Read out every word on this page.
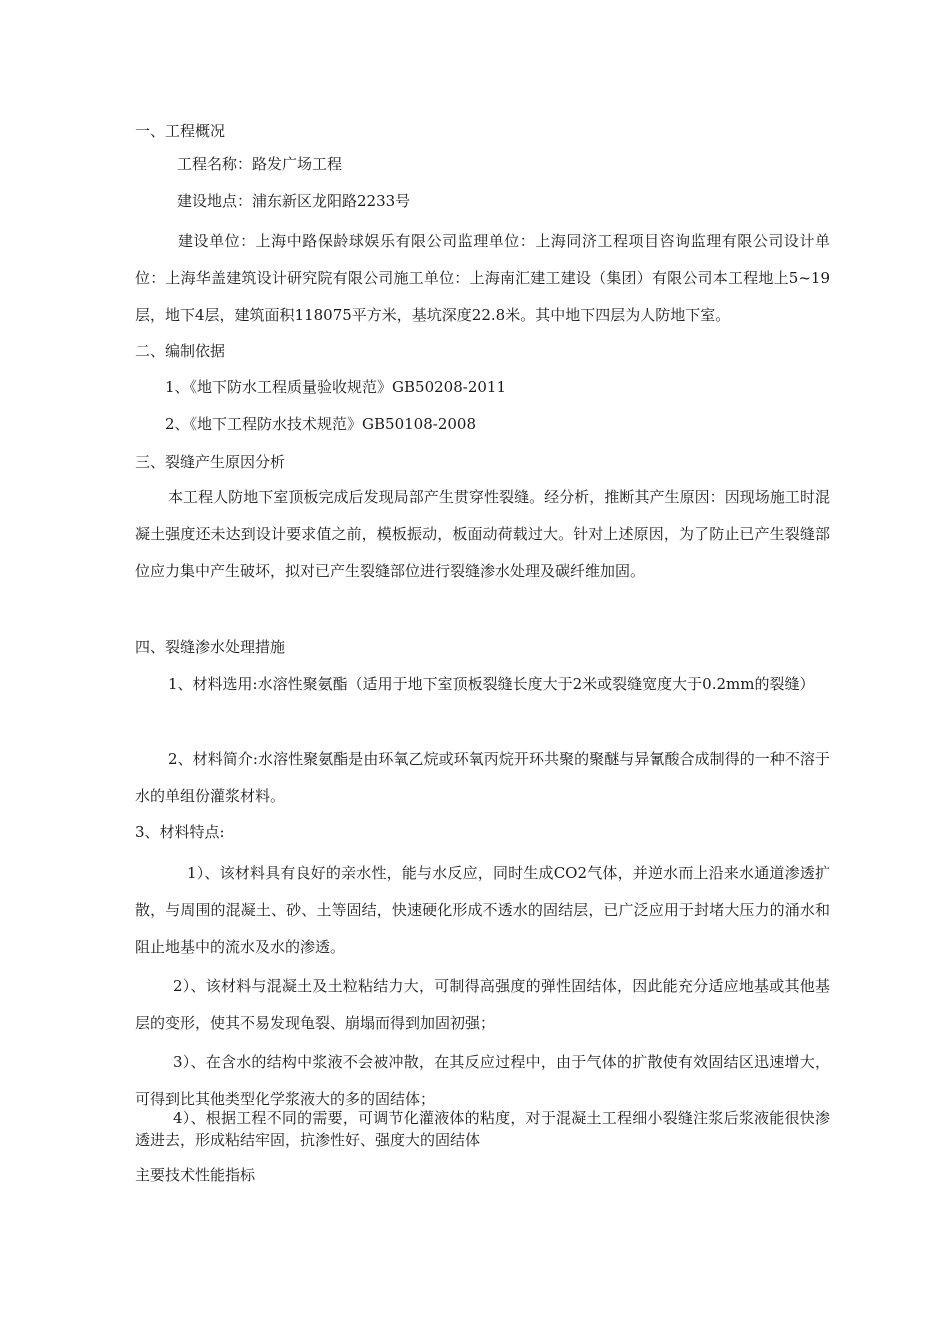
一、工程概况
工程名称：路发广场工程
建设地点：浦东新区龙阳路2233号
建设单位：上海中路保龄球娱乐有限公司监理单位：上海同济工程项目咨询监理有限公司设计单位：上海华盖建筑设计研究院有限公司施工单位：上海南汇建工建设（集团）有限公司本工程地上5~19层，地下4层，建筑面积118075平方米，基坑深度22.8米。其中地下四层为人防地下室。
二、编制依据
1、《地下防水工程质量验收规范》GB50208-2011
2、《地下工程防水技术规范》GB50108-2008
三、裂缝产生原因分析
本工程人防地下室顶板完成后发现局部产生贯穿性裂缝。经分析，推断其产生原因：因现场施工时混凝土强度还未达到设计要求值之前，模板振动，板面动荷载过大。针对上述原因，为了防止已产生裂缝部位应力集中产生破坏，拟对已产生裂缝部位进行裂缝渗水处理及碳纤维加固。
四、裂缝渗水处理措施
1、材料选用:水溶性聚氨酯（适用于地下室顶板裂缝长度大于2米或裂缝宽度大于0.2mm的裂缝）
2、材料简介:水溶性聚氨酯是由环氧乙烷或环氧丙烷开环共聚的聚醚与异氰酸合成制得的一种不溶于水的单组份灌浆材料。
3、材料特点:
1）、该材料具有良好的亲水性，能与水反应，同时生成CO2气体，并逆水而上沿来水通道渗透扩散，与周围的混凝土、砂、土等固结，快速硬化形成不透水的固结层，已广泛应用于封堵大压力的涌水和阻止地基中的流水及水的渗透。
2）、该材料与混凝土及土粒粘结力大，可制得高强度的弹性固结体，因此能充分适应地基或其他基层的变形，使其不易发现龟裂、崩塌而得到加固初强；
3）、在含水的结构中浆液不会被冲散，在其反应过程中，由于气体的扩散使有效固结区迅速增大，可得到比其他类型化学浆液大的多的固结体；
4）、根据工程不同的需要，可调节化灌液体的粘度，对于混凝土工程细小裂缝注浆后浆液能很快渗透进去，形成粘结牢固，抗渗性好、强度大的固结体
主要技术性能指标
